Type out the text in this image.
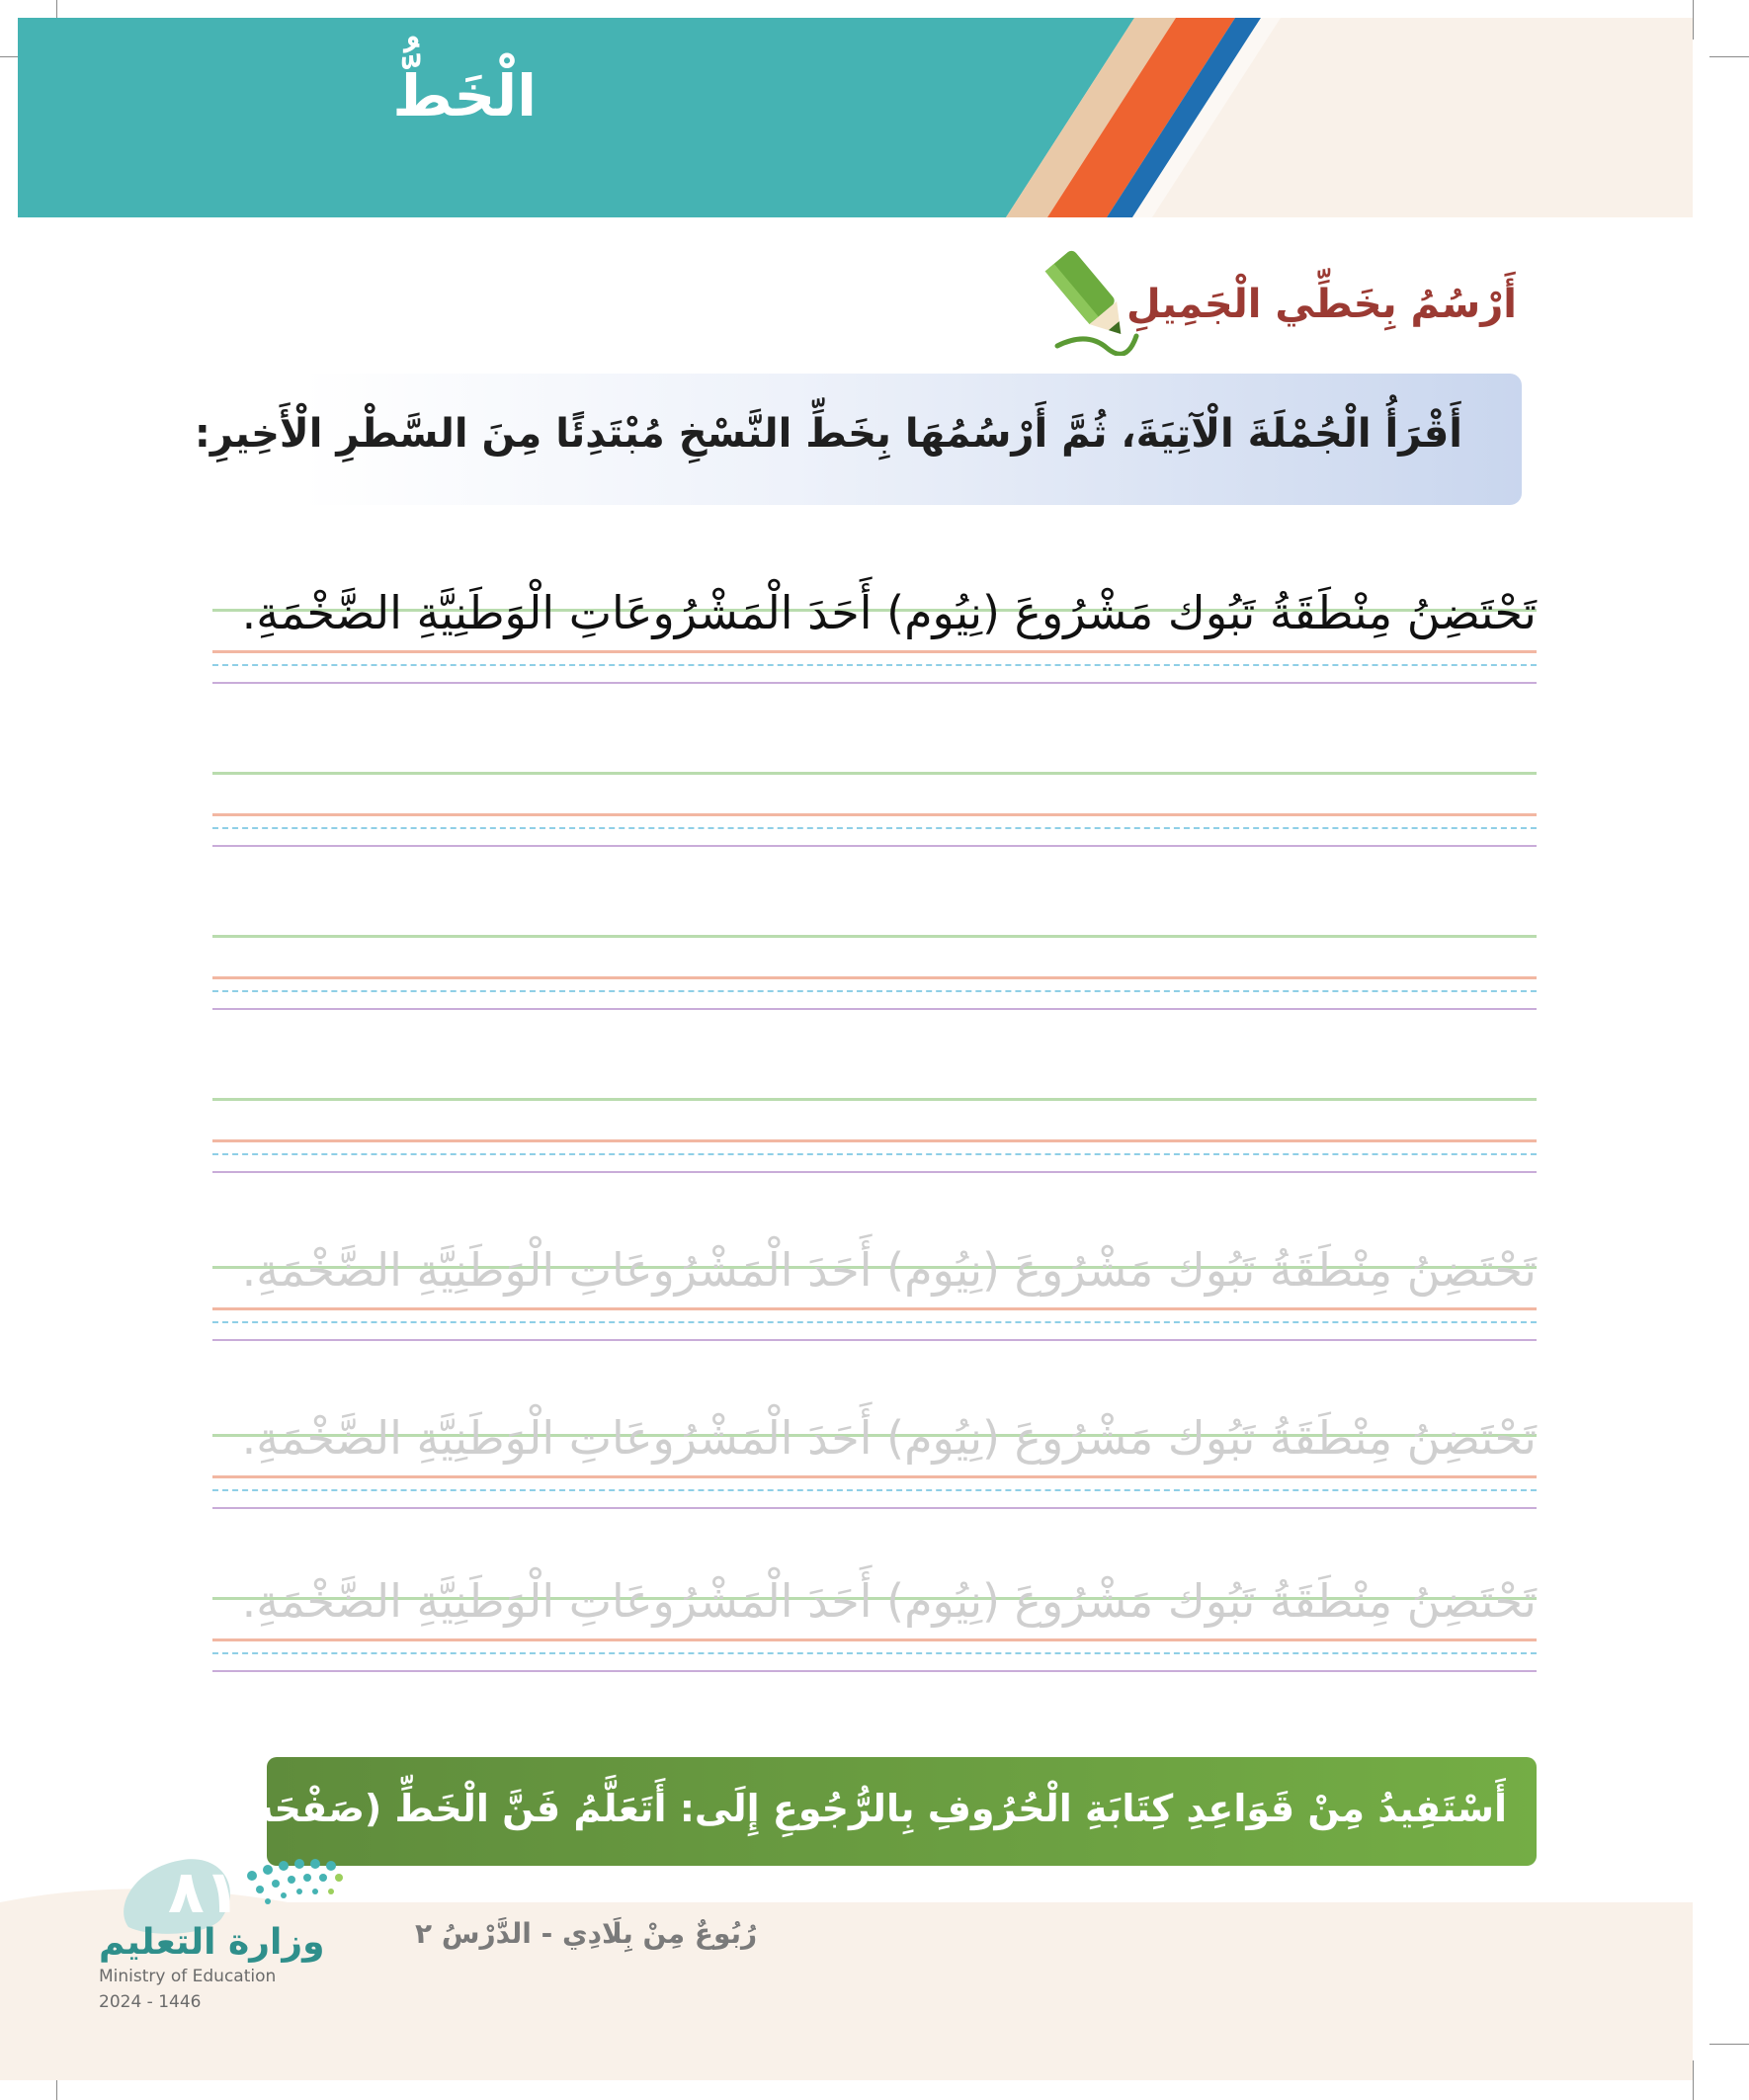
الْخَطُّ
أَرْسُمُ بِخَطِّي الْجَمِيلِ
أَقْرَأُ الْجُمْلَةَ الْآتِيَةَ، ثُمَّ أَرْسُمُهَا بِخَطِّ النَّسْخِ مُبْتَدِئًا مِنَ السَّطْرِ الْأَخِيرِ:
تَحْتَضِنُ مِنْطَقَةُ تَبُوك مَشْرُوعَ (نِيُوم) أَحَدَ الْمَشْرُوعَاتِ الْوَطَنِيَّةِ الضَّخْمَةِ.
تَحْتَضِنُ مِنْطَقَةُ تَبُوك مَشْرُوعَ (نِيُوم) أَحَدَ الْمَشْرُوعَاتِ الْوَطَنِيَّةِ الضَّخْمَةِ.
تَحْتَضِنُ مِنْطَقَةُ تَبُوك مَشْرُوعَ (نِيُوم) أَحَدَ الْمَشْرُوعَاتِ الْوَطَنِيَّةِ الضَّخْمَةِ.
تَحْتَضِنُ مِنْطَقَةُ تَبُوك مَشْرُوعَ (نِيُوم) أَحَدَ الْمَشْرُوعَاتِ الْوَطَنِيَّةِ الضَّخْمَةِ.
أَسْتَفِيدُ مِنْ قَوَاعِدِ كِتَابَةِ الْحُرُوفِ بِالرُّجُوعِ إِلَى: أَتَعَلَّمُ فَنَّ الْخَطِّ (صَفْحَة ١٢)
رُبُوعٌ مِنْ بِلَادِي - الدَّرْسُ ٢
٨١
وزارة التعليم
Ministry of Education
2024 - 1446
